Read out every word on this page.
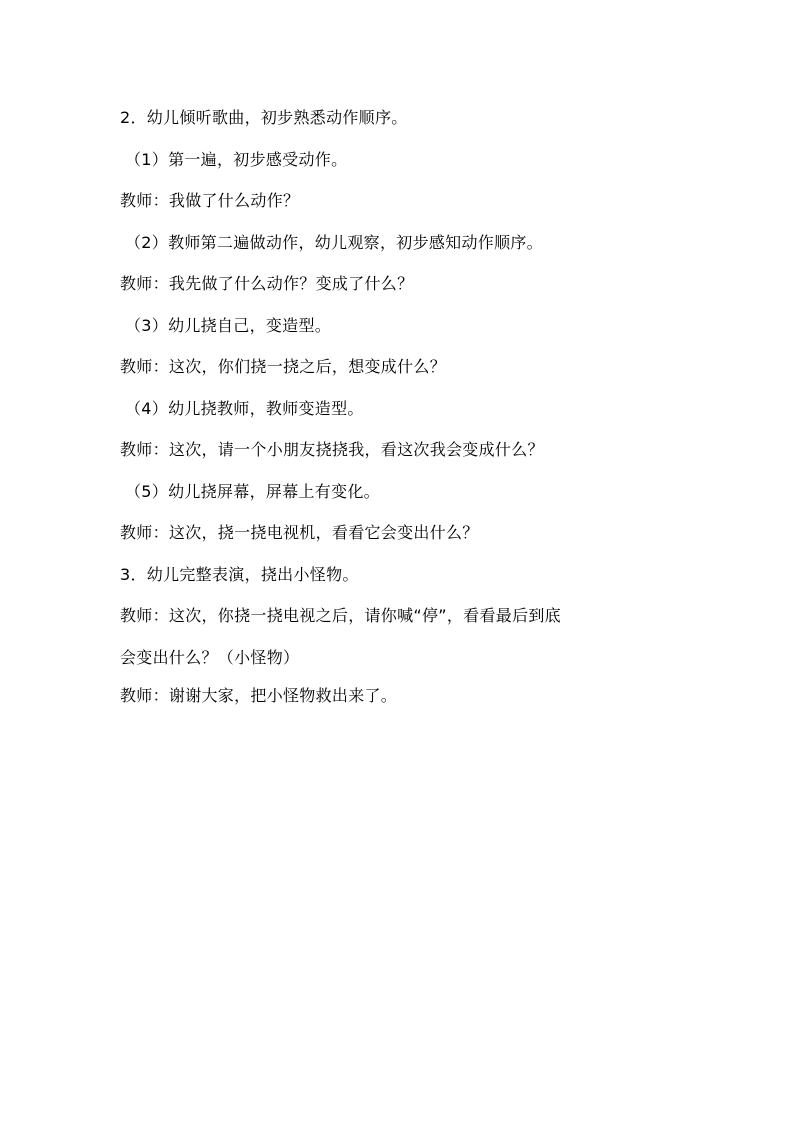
2．幼儿倾听歌曲，初步熟悉动作顺序。
（1）第一遍，初步感受动作。
教师：我做了什么动作？
（2）教师第二遍做动作，幼儿观察，初步感知动作顺序。
教师：我先做了什么动作？变成了什么？
（3）幼儿挠自己，变造型。
教师：这次，你们挠一挠之后，想变成什么？
（4）幼儿挠教师，教师变造型。
教师：这次，请一个小朋友挠挠我，看这次我会变成什么？
（5）幼儿挠屏幕，屏幕上有变化。
教师：这次，挠一挠电视机，看看它会变出什么？
3．幼儿完整表演，挠出小怪物。
教师：这次，你挠一挠电视之后，请你喊“停”，看看最后到底
会变出什么？（小怪物）
教师：谢谢大家，把小怪物救出来了。
